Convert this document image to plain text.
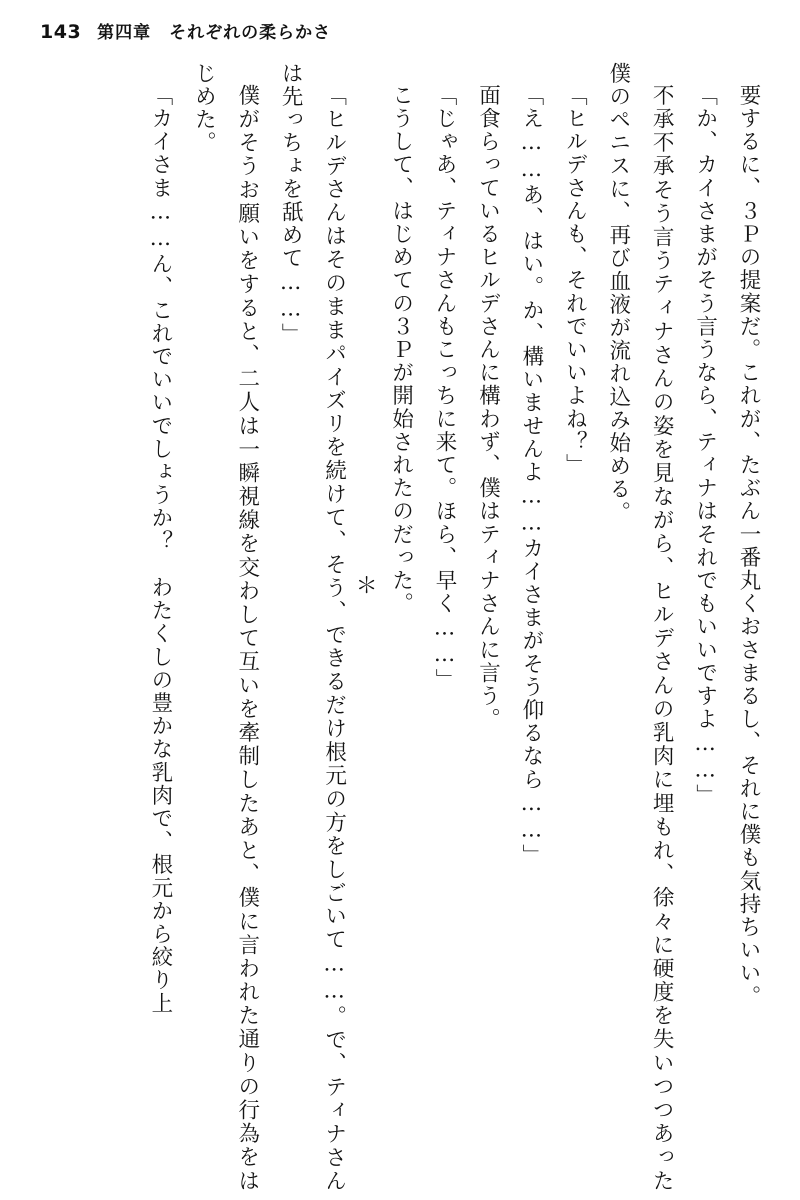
143 第四章　それぞれの柔らかさ

要するに、３Ｐの提案だ。これが、たぶん一番丸くおさまるし、それに僕も気持ちいい。

「か、カイさまがそう言うなら、ティナはそれでもいいですよ……」

不承不承そう言うティナさんの姿を見ながら、ヒルデさんの乳肉に埋もれ、徐々に硬度を失いつつあった僕のペニスに、再び血液が流れ込み始める。

「ヒルデさんも、それでいいよね？」

「え……あ、はい。か、構いませんよ……カイさまがそう仰るなら……」

面食らっているヒルデさんに構わず、僕はティナさんに言う。

「じゃあ、ティナさんもこっちに来て。ほら、早く……」

こうして、はじめての３Ｐが開始されたのだった。

＊

「ヒルデさんはそのままパイズリを続けて、そう、できるだけ根元の方をしごいて……。で、ティナさんは先っちょを舐めて……」

僕がそうお願いをすると、二人は一瞬視線を交わして互いを牽制したあと、僕に言われた通りの行為をはじめた。

「カイさま……ん、これでいいでしょうか？　わたくしの豊かな乳肉で、根元から絞り上
